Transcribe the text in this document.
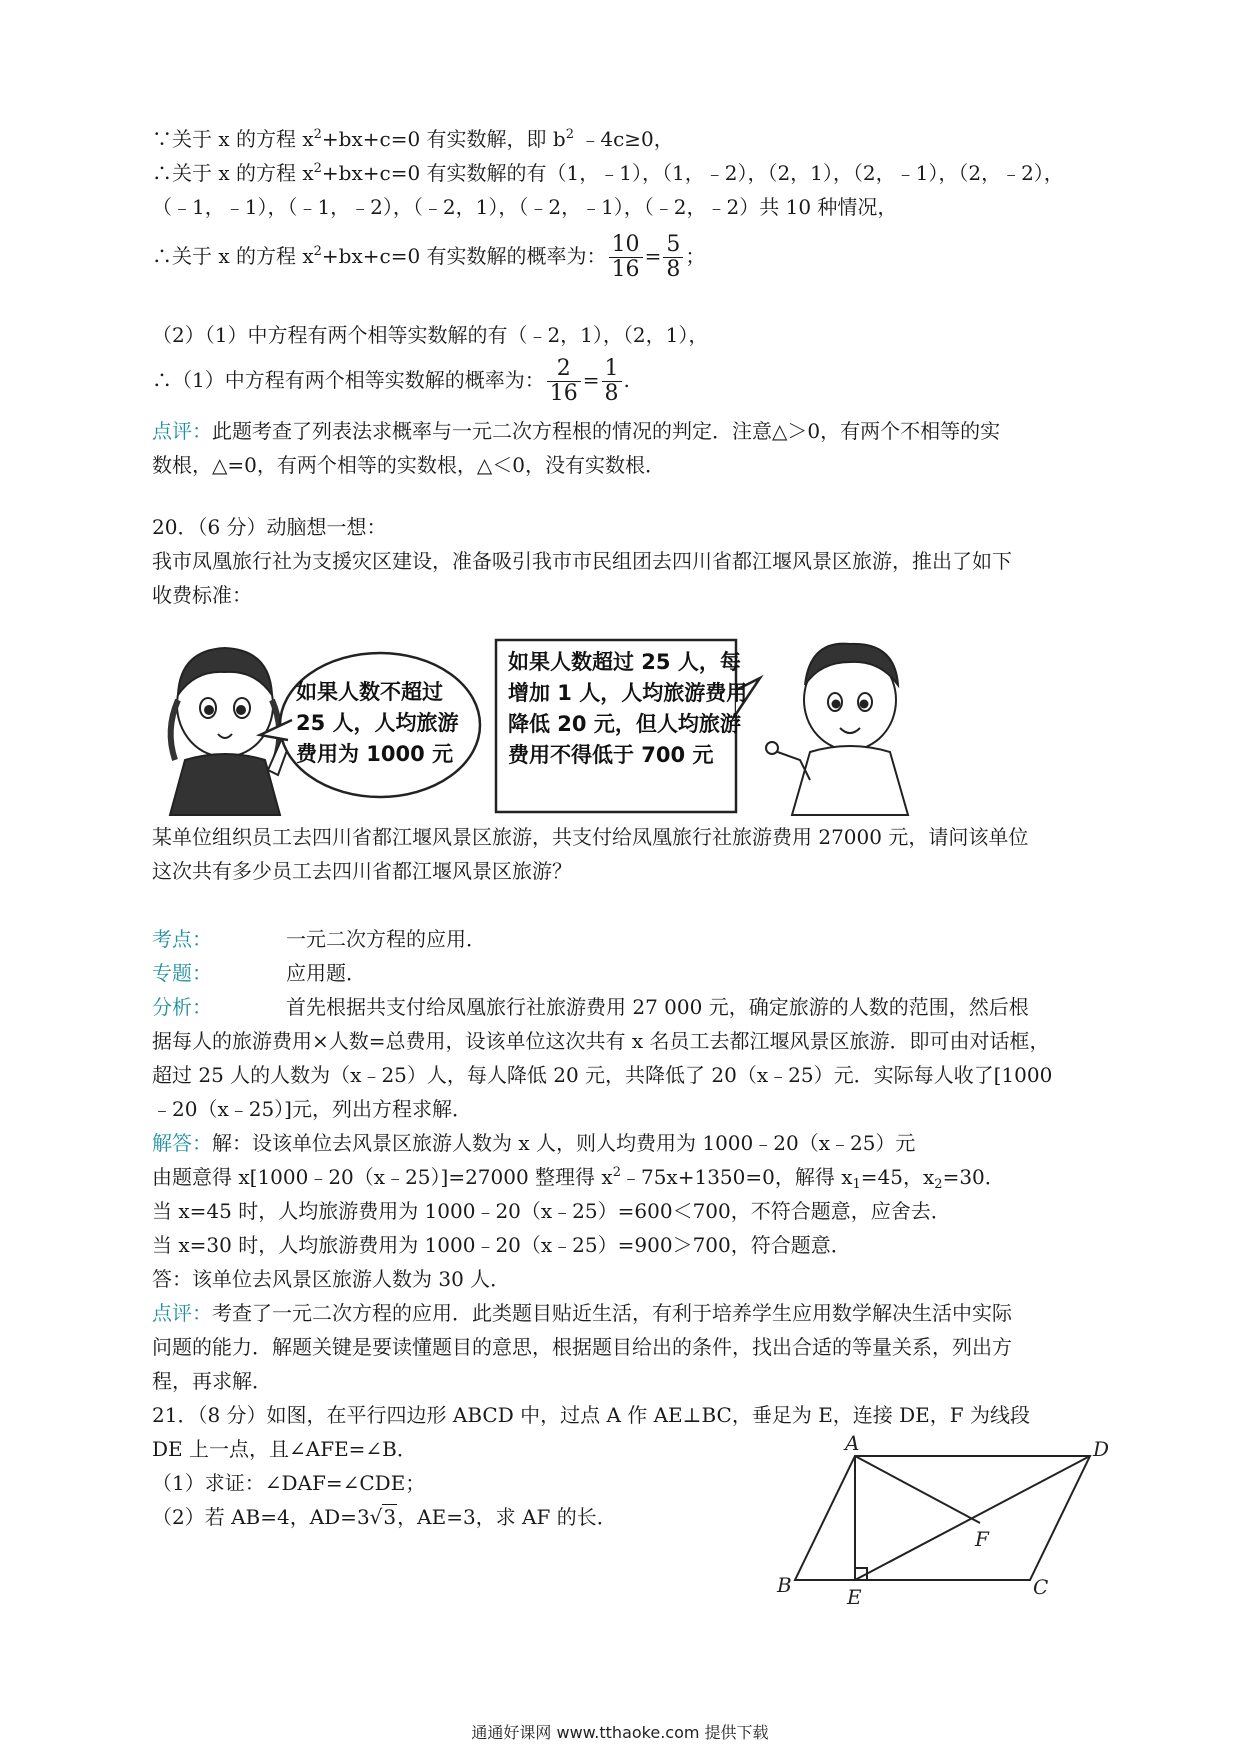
∵关于 x 的方程 $x^2+bx+c=0$ 有实数解，即 $b^2$ ﹣4c≥0，
∴关于 x 的方程 $x^2+bx+c=0$ 有实数解的有（1，﹣1），（1，﹣2），（2，1），（2，﹣1），（2，﹣2），
（﹣1，﹣1），（﹣1，﹣2），（﹣2，1），（﹣2，﹣1），（﹣2，﹣2）共 10 种情况，
∴关于 x 的方程 $x^2+bx+c=0$ 有实数解的概率为： $\frac{10}{16} = \frac{5}{8}$ ；
（2）（1）中方程有两个相等实数解的有（﹣2，1），（2，1），
∴（1）中方程有两个相等实数解的概率为： $\frac{2}{16} = \frac{1}{8}$ .
点评：此题考查了列表法求概率与一元二次方程根的情况的判定．注意△＞0，有两个不相等的实
数根，△=0，有两个相等的实数根，△＜0，没有实数根．
20．（6 分）动脑想一想：
我市凤凰旅行社为支援灾区建设，准备吸引我市市民组团去四川省都江堰风景区旅游，推出了如下
收费标准：
如果人数不超过
25 人，人均旅游
费用为 1000 元
如果人数超过 25 人，每
增加 1 人，人均旅游费用
降低 20 元，但人均旅游
费用不得低于 700 元
某单位组织员工去四川省都江堰风景区旅游，共支付给凤凰旅行社旅游费用 27000 元，请问该单位
这次共有多少员工去四川省都江堰风景区旅游？
考点：	一元二次方程的应用．
专题：	应用题．
分析：	首先根据共支付给凤凰旅行社旅游费用 27 000 元，确定旅游的人数的范围，然后根
据每人的旅游费用×人数=总费用，设该单位这次共有 x 名员工去都江堰风景区旅游．即可由对话框，
超过 25 人的人数为（x﹣25）人，每人降低 20 元，共降低了 20（x﹣25）元．实际每人收了[1000
﹣20（x﹣25）]元，列出方程求解．
解答：解：设该单位去风景区旅游人数为 x 人，则人均费用为 1000﹣20（x﹣25）元
由题意得 x[1000﹣20（x﹣25）]=27000 整理得 $x^2﹣75x+1350=0$，解得 $x_1=45$，$x_2=30$．
当 x=45 时，人均旅游费用为 1000﹣20（x﹣25）=600＜700，不符合题意，应舍去．
当 x=30 时，人均旅游费用为 1000﹣20（x﹣25）=900＞700，符合题意．
答：该单位去风景区旅游人数为 30 人．
点评：考查了一元二次方程的应用．此类题目贴近生活，有利于培养学生应用数学解决生活中实际
问题的能力．解题关键是要读懂题目的意思，根据题目给出的条件，找出合适的等量关系，列出方
程，再求解．
21．（8 分）如图，在平行四边形 ABCD 中，过点 A 作 AE⊥BC，垂足为 E，连接 DE，F 为线段
DE 上一点，且∠AFE=∠B．
（1）求证：∠DAF=∠CDE；
（2）若 AB=4，AD=3√3，AE=3，求 AF 的长．
A	D
F
B	E	C
通通好课网 www.tthaoke.com 提供下载
